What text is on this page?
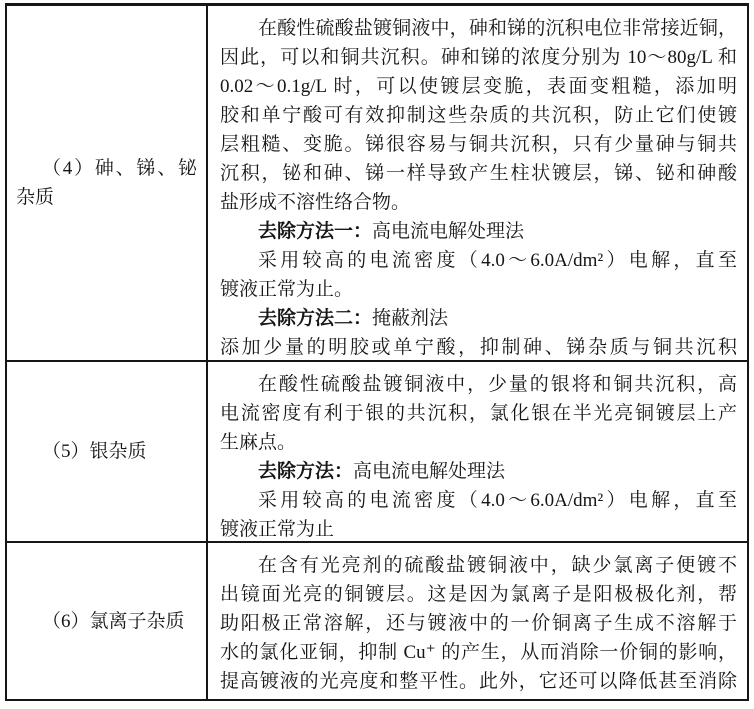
（4）砷、锑、铋
杂质
在酸性硫酸盐镀铜液中，砷和锑的沉积电位非常接近铜，
因此，可以和铜共沉积。砷和锑的浓度分别为 10～80g/L 和
0.02～0.1g/L 时，可以使镀层变脆，表面变粗糙，添加明
胶和单宁酸可有效抑制这些杂质的共沉积，防止它们使镀
层粗糙、变脆。锑很容易与铜共沉积，只有少量砷与铜共
沉积，铋和砷、锑一样导致产生柱状镀层，锑、铋和砷酸
盐形成不溶性络合物。
去除方法一：高电流电解处理法
采用较高的电流密度（4.0～6.0A/dm²）电解，直至
镀液正常为止。
去除方法二：掩蔽剂法
添加少量的明胶或单宁酸，抑制砷、锑杂质与铜共沉积
（5）银杂质
在酸性硫酸盐镀铜液中，少量的银将和铜共沉积，高
电流密度有利于银的共沉积，氯化银在半光亮铜镀层上产
生麻点。
去除方法：高电流电解处理法
采用较高的电流密度（4.0～6.0A/dm²）电解，直至
镀液正常为止
（6）氯离子杂质
在含有光亮剂的硫酸盐镀铜液中，缺少氯离子便镀不
出镜面光亮的铜镀层。这是因为氯离子是阳极极化剂，帮
助阳极正常溶解，还与镀液中的一价铜离子生成不溶解于
水的氯化亚铜，抑制 Cu⁺ 的产生，从而消除一价铜的影响，
提高镀液的光亮度和整平性。此外，它还可以降低甚至消除
